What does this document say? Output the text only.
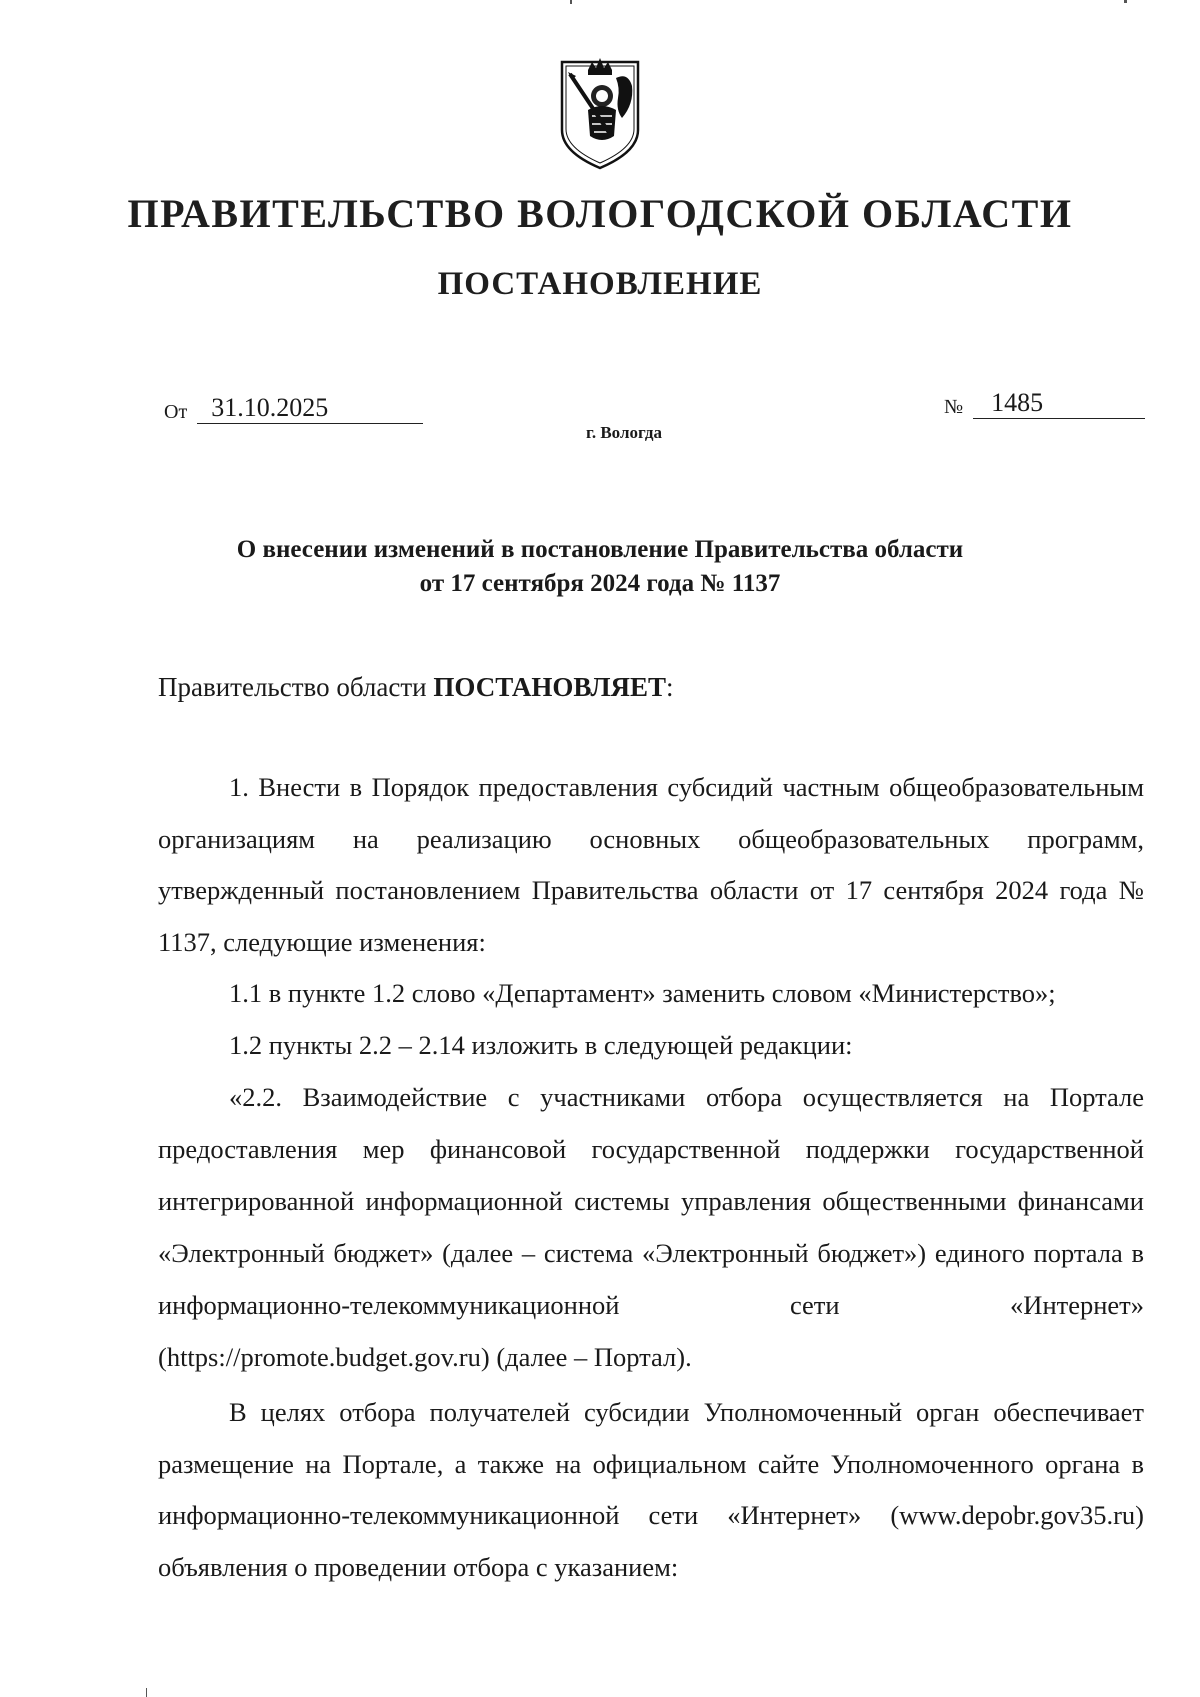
ПРАВИТЕЛЬСТВО ВОЛОГОДСКОЙ ОБЛАСТИ
ПОСТАНОВЛЕНИЕ
От 31.10.2025	№	1485
г. Вологда
О внесении изменений в постановление Правительства области
от 17 сентября 2024 года № 1137
Правительство области ПОСТАНОВЛЯЕТ:

1. Внести в Порядок предоставления субсидий частным общеобразовательным организациям на реализацию основных общеобразовательных программ, утвержденный постановлением Правительства области от 17 сентября 2024 года № 1137, следующие изменения:

1.1 в пункте 1.2 слово «Департамент» заменить словом «Министерство»;

1.2 пункты 2.2 – 2.14 изложить в следующей редакции:

«2.2. Взаимодействие с участниками отбора осуществляется на Портале предоставления мер финансовой государственной поддержки государственной интегрированной информационной системы управления общественными финансами «Электронный бюджет» (далее – система «Электронный бюджет») единого портала в информационно-телекоммуникационной сети «Интернет» (https://promote.budget.gov.ru) (далее – Портал).

В целях отбора получателей субсидии Уполномоченный орган обеспечивает размещение на Портале, а также на официальном сайте Уполномоченного органа в информационно-телекоммуникационной сети «Интернет» (www.depobr.gov35.ru) объявления о проведении отбора с указанием:
